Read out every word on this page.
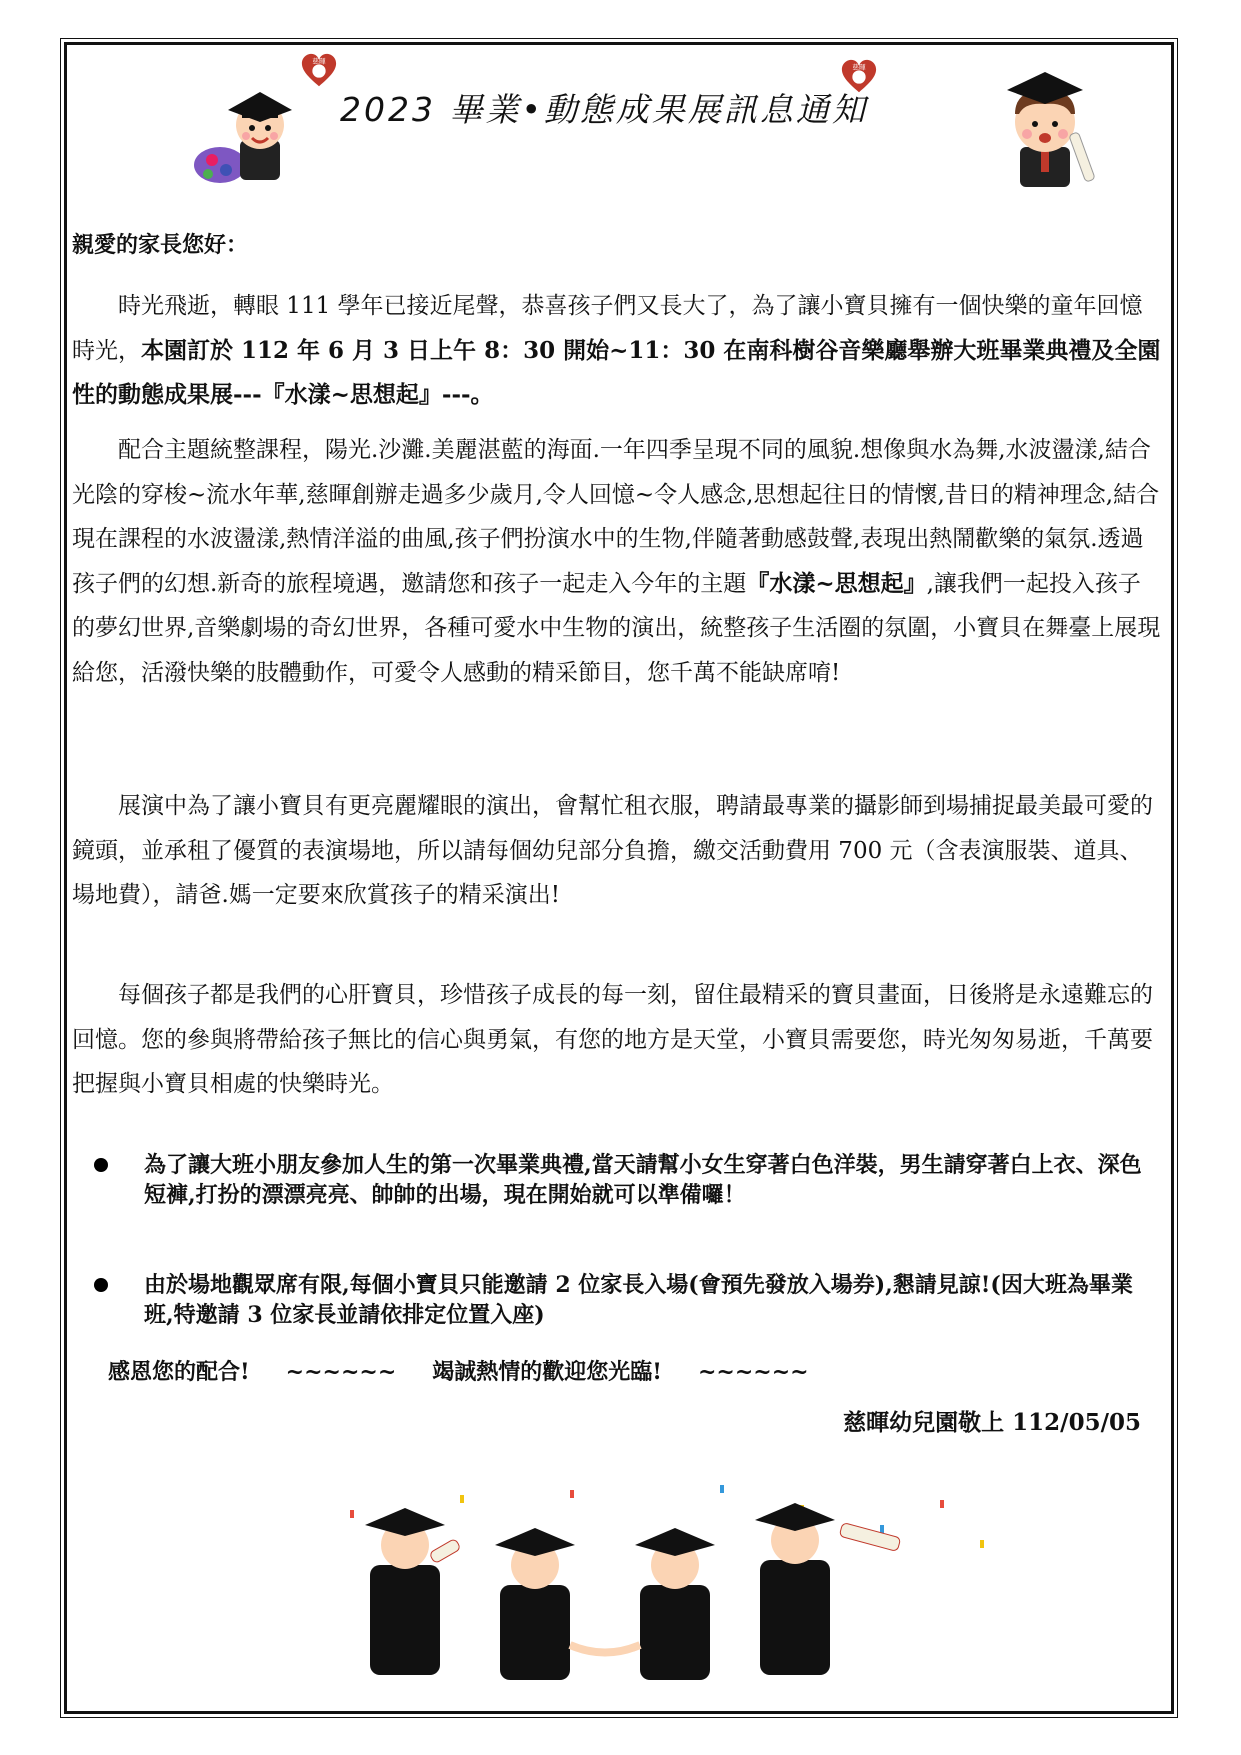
慈暉
慈暉
2023 畢業•動態成果展訊息通知
親愛的家長您好：

時光飛逝，轉眼 111 學年已接近尾聲，恭喜孩子們又長大了，為了讓小寶貝擁有一個快樂的童年回憶時光，本園訂於 112 年 6 月 3 日上午 8：30 開始~11：30 在南科樹谷音樂廳舉辦大班畢業典禮及全園性的動態成果展---『水漾~思想起』---。

配合主題統整課程，陽光.沙灘.美麗湛藍的海面.一年四季呈現不同的風貌.想像與水為舞,水波盪漾,結合光陰的穿梭~流水年華,慈暉創辦走過多少歲月,令人回憶~令人感念,思想起往日的情懷,昔日的精神理念,結合現在課程的水波盪漾,熱情洋溢的曲風,孩子們扮演水中的生物,伴隨著動感鼓聲,表現出熱鬧歡樂的氣氛.透過孩子們的幻想.新奇的旅程境遇，邀請您和孩子一起走入今年的主題『水漾~思想起』,讓我們一起投入孩子的夢幻世界,音樂劇場的奇幻世界，各種可愛水中生物的演出，統整孩子生活圈的氛圍，小寶貝在舞臺上展現給您，活潑快樂的肢體動作，可愛令人感動的精采節目，您千萬不能缺席唷!

展演中為了讓小寶貝有更亮麗耀眼的演出，會幫忙租衣服，聘請最專業的攝影師到場捕捉最美最可愛的鏡頭，並承租了優質的表演場地，所以請每個幼兒部分負擔，繳交活動費用 700 元（含表演服裝、道具、場地費），請爸.媽一定要來欣賞孩子的精采演出!

每個孩子都是我們的心肝寶貝，珍惜孩子成長的每一刻，留住最精采的寶貝畫面，日後將是永遠難忘的回憶。您的參與將帶給孩子無比的信心與勇氣，有您的地方是天堂，小寶貝需要您，時光匆匆易逝，千萬要把握與小寶貝相處的快樂時光。

為了讓大班小朋友參加人生的第一次畢業典禮,當天請幫小女生穿著白色洋裝，男生請穿著白上衣、深色短褲,打扮的漂漂亮亮、帥帥的出場，現在開始就可以準備囉！
由於場地觀眾席有限,每個小寶貝只能邀請 2 位家長入場(會預先發放入場券),懇請見諒!(因大班為畢業班,特邀請 3 位家長並請依排定位置入座)
感恩您的配合! ~~~~~~ 竭誠熱情的歡迎您光臨! ~~~~~~
慈暉幼兒園敬上 112/05/05
